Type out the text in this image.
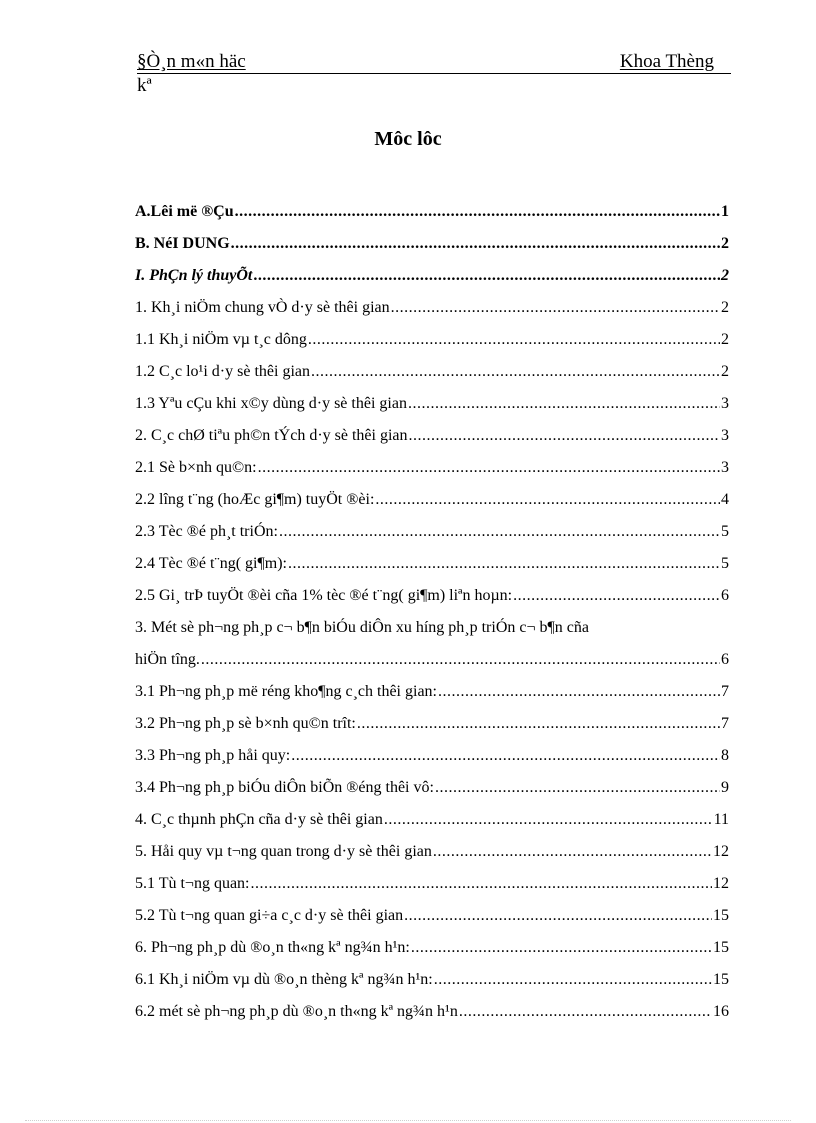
§Ò¸n m«n häc	Khoa Thèng
kª
Môc lôc
A.Lêi më ®Çu .....	1
B. NéI DUNG .....	2
I. PhÇn lý thuyÕt .....	2
1. Kh¸i niÖm chung vÒ d·y sè thêi gian .....	2
1.1 Kh¸i niÖm vµ t¸c dông .....	2
1.2 C¸c lo¹i d·y sè thêi gian .....	2
1.3 Yªu cÇu khi x©y dùng d·y sè thêi gian .....	3
2. C¸c chØ tiªu ph©n tÝch d·y sè thêi gian .....	3
2.1 Sè b×nh qu©n: .....	3
2.2 lîng t¨ng (hoÆc gi¶m) tuyÖt ®èi: .....	4
2.3 Tèc ®é ph¸t triÓn: .....	5
2.4 Tèc ®é t¨ng( gi¶m): .....	5
2.5 Gi¸ trÞ tuyÖt ®èi cña 1% tèc ®é t¨ng( gi¶m) liªn hoµn: .....	6
3. Mét sè ph¬ng ph¸p c¬ b¶n biÓu diÔn xu híng ph¸p triÓn c¬ b¶n cña
hiÖn tîng. .....	6
3.1 Ph¬ng ph¸p më réng kho¶ng c¸ch thêi gian: .....	7
3.2 Ph¬ng ph¸p sè b×nh qu©n trît: .....	7
3.3 Ph¬ng ph¸p håi quy: .....	8
3.4 Ph¬ng ph¸p biÓu diÔn biÕn ®éng thêi vô: .....	9
4. C¸c thµnh phÇn cña d·y sè thêi gian .....	11
5. Håi quy vµ t¬ng quan trong d·y sè thêi gian .....	12
5.1 Tù t¬ng quan: .....	12
5.2 Tù t¬ng quan gi÷a c¸c d·y sè thêi gian .....	15
6. Ph¬ng ph¸p dù ®o¸n th«ng kª ng¾n h¹n: .....	15
6.1 Kh¸i niÖm vµ dù ®o¸n thèng kª ng¾n h¹n: .....	15
6.2 mét sè ph¬ng ph¸p dù ®o¸n th«ng kª ng¾n h¹n .....	16
